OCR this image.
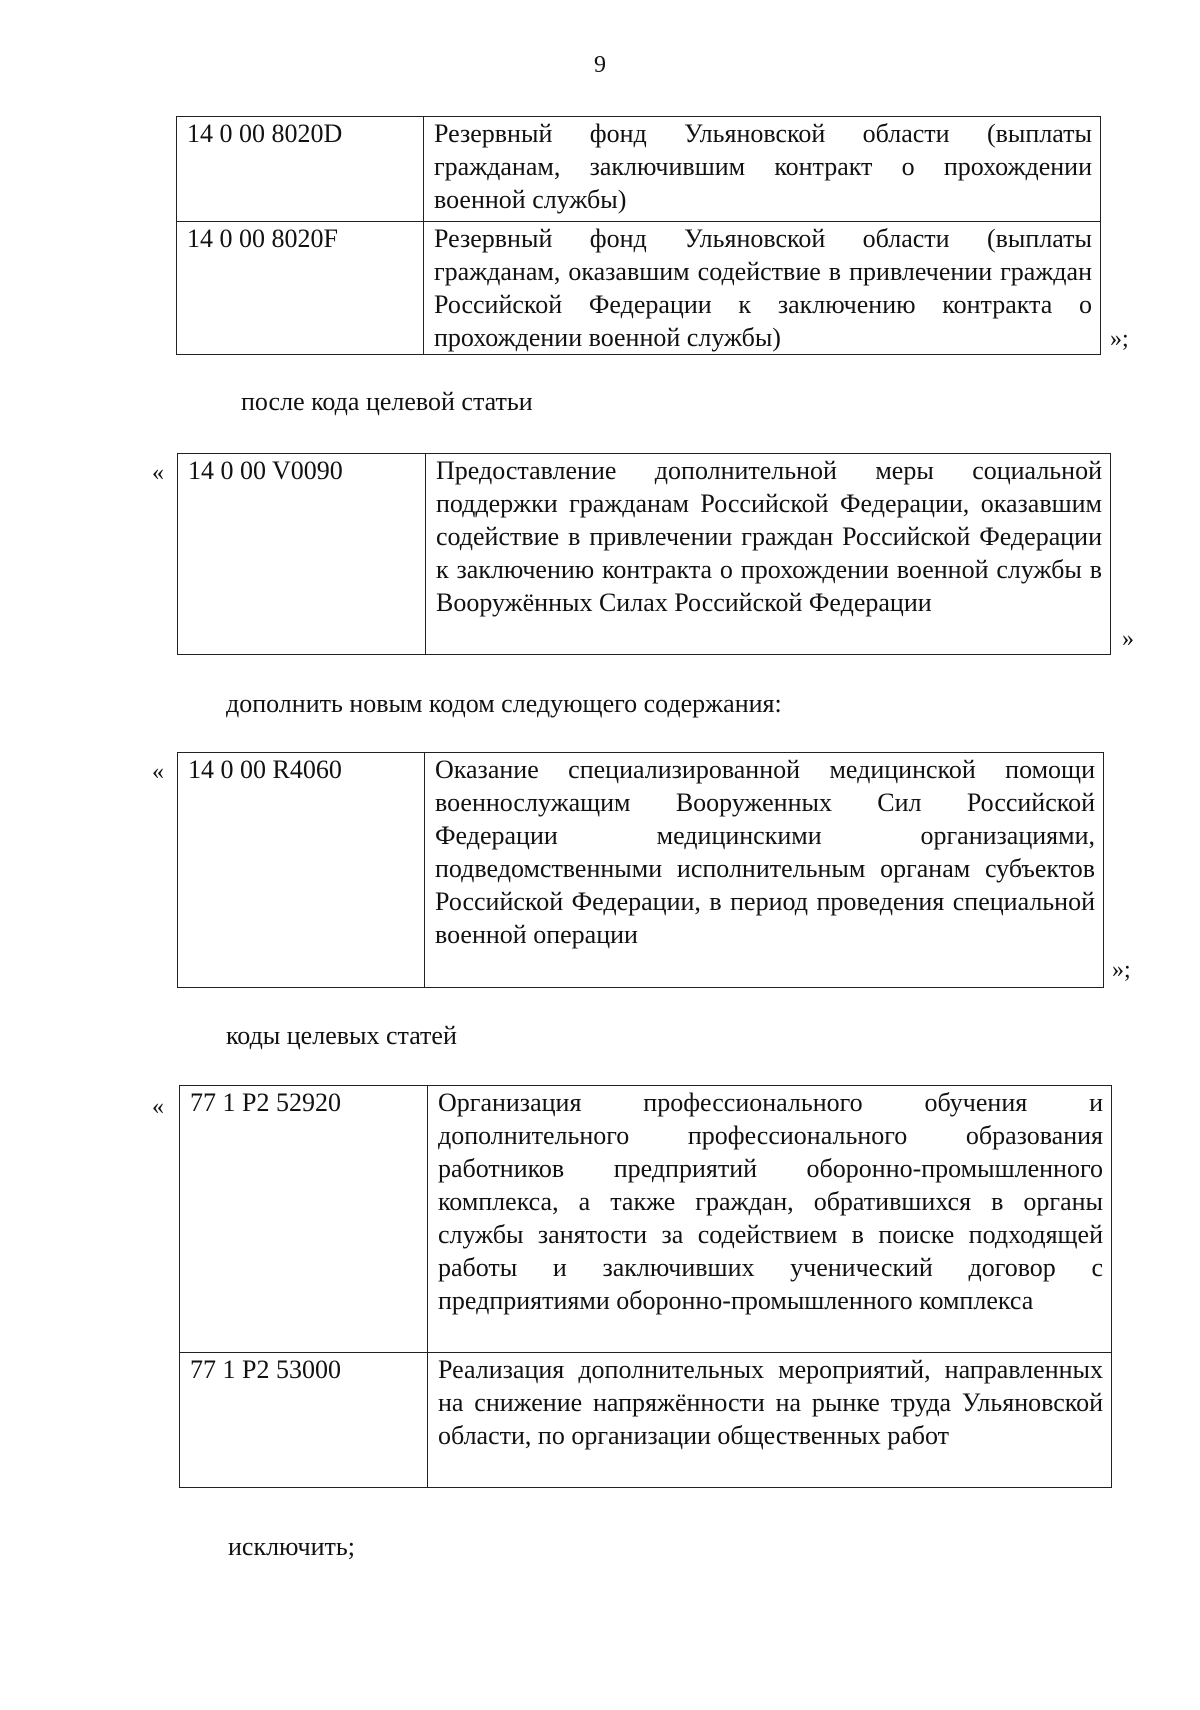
9
14 0 00 8020D	Резервный фонд Ульяновской области (выплаты гражданам, заключившим контракт о прохождении военной службы)
14 0 00 8020F	Резервный фонд Ульяновской области (выплаты гражданам, оказавшим содействие в привлечении граждан Российской Федерации к заключению контракта о прохождении военной службы)	»;
после кода целевой статьи
« 14 0 00 V0090	Предоставление дополнительной меры социальной поддержки гражданам Российской Федерации, оказавшим содействие в привлечении граждан Российской Федерации к заключению контракта о прохождении военной службы в Вооружённых Силах Российской Федерации
»
дополнить новым кодом следующего содержания:
« 14 0 00 R4060	Оказание специализированной медицинской помощи военнослужащим Вооруженных Сил Российской Федерации медицинскими организациями, подведомственными исполнительным органам субъектов Российской Федерации, в период проведения специальной военной операции
»;
коды целевых статей
« 77 1 P2 52920	Организация профессионального обучения и дополнительного профессионального образования работников предприятий оборонно-промышленного комплекса, а также граждан, обратившихся в органы службы занятости за содействием в поиске подходящей работы и заключивших ученический договор с предприятиями оборонно-промышленного комплекса
77 1 P2 53000	Реализация дополнительных мероприятий, направленных на снижение напряжённости на рынке труда Ульяновской области, по организации общественных работ
исключить;
